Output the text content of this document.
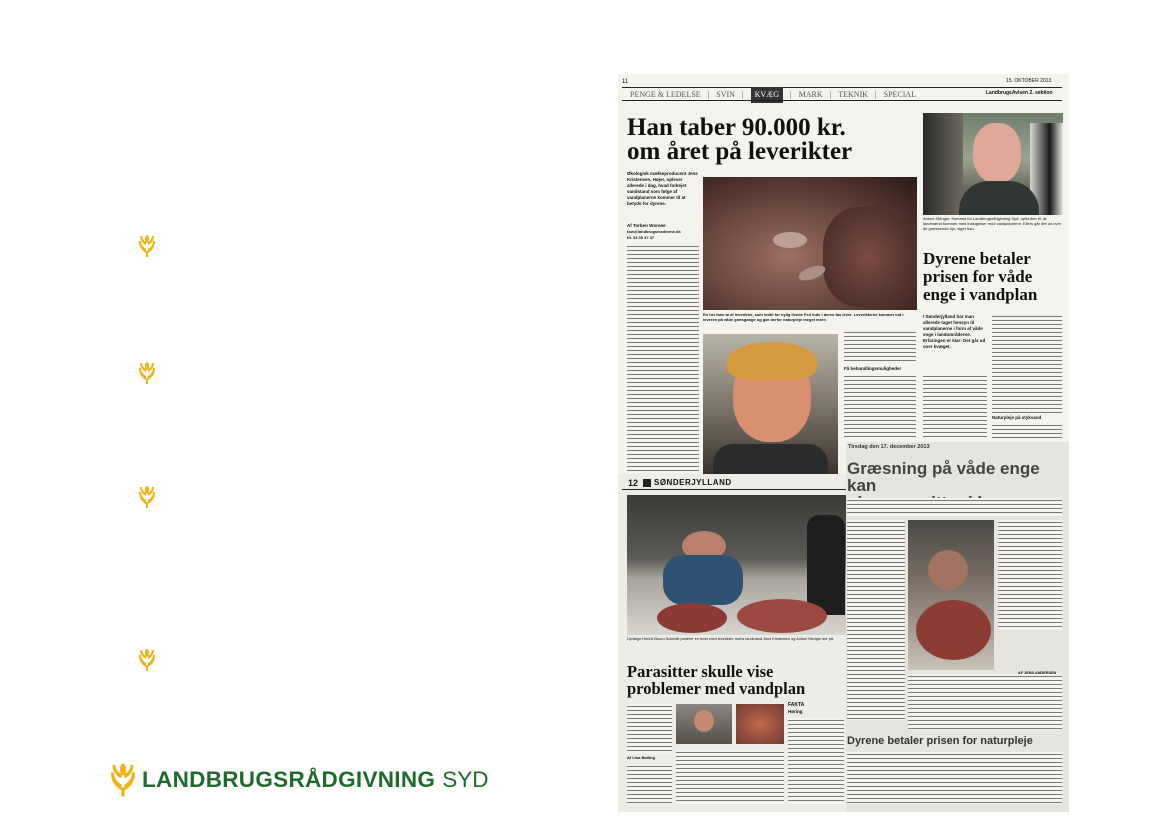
LANDBRUGSRÅDGIVNING SYD
11	15. OKTOBER 2013
PENGE & LEDELSE | SVIN |	KVÆG	| MARK | TEKNIK | SPECIAL	LandbrugsAvisen 2. sektion
Han taber 90.000 kr.
om året på leverikter
Antoni Stenger, formand for Landbrugsrådgivning Syd, opfordrer til, at landmænd kommer med indsigelser mod vandplanerne. Ellers går det ud over de græssende dyr, siger han.
Økologisk mælkeproducent Jens Kristensen, Højer, oplever allerede i dag, hvad forkejet vandstand som følge af vandplanerne kommer til at betyde for dyrene.
Af Torben Worsøe
tow@landbrugsmedierne.dk
tlf. 33 39 47 47
En hel fane lø af leverikter, som indtil for nylig livede Fed inde i deres fas lever. Leverikterne kommer ind i leveren på våde græsgange og gør derfor naturpleje meget mere.
Få behandlingsmuligheder
Dyrene betaler
prisen for våde
enge i vandplan
I Sønderjylland har man allerede taget hensyn til vandplanerne i form af våde enge i landområderne. Erfaringen er klar: Det går ud over kvæget.
Naturpleje på stykvand
Tirsdag den 17. december 2013
Græsning på våde enge kan
12 SØNDERJYLLAND
Dyrlæge Henrik Bruun Schmidt parterer en lever med leverikter, mens landmand Jens Kristensen og Antoni Stenger ser på.
Parasitter skulle vise
problemer med vandplan
Af Lisa Bølling
FAKTA
Høring
AF JENS ANDERSEN
Dyrene betaler prisen for naturpleje
